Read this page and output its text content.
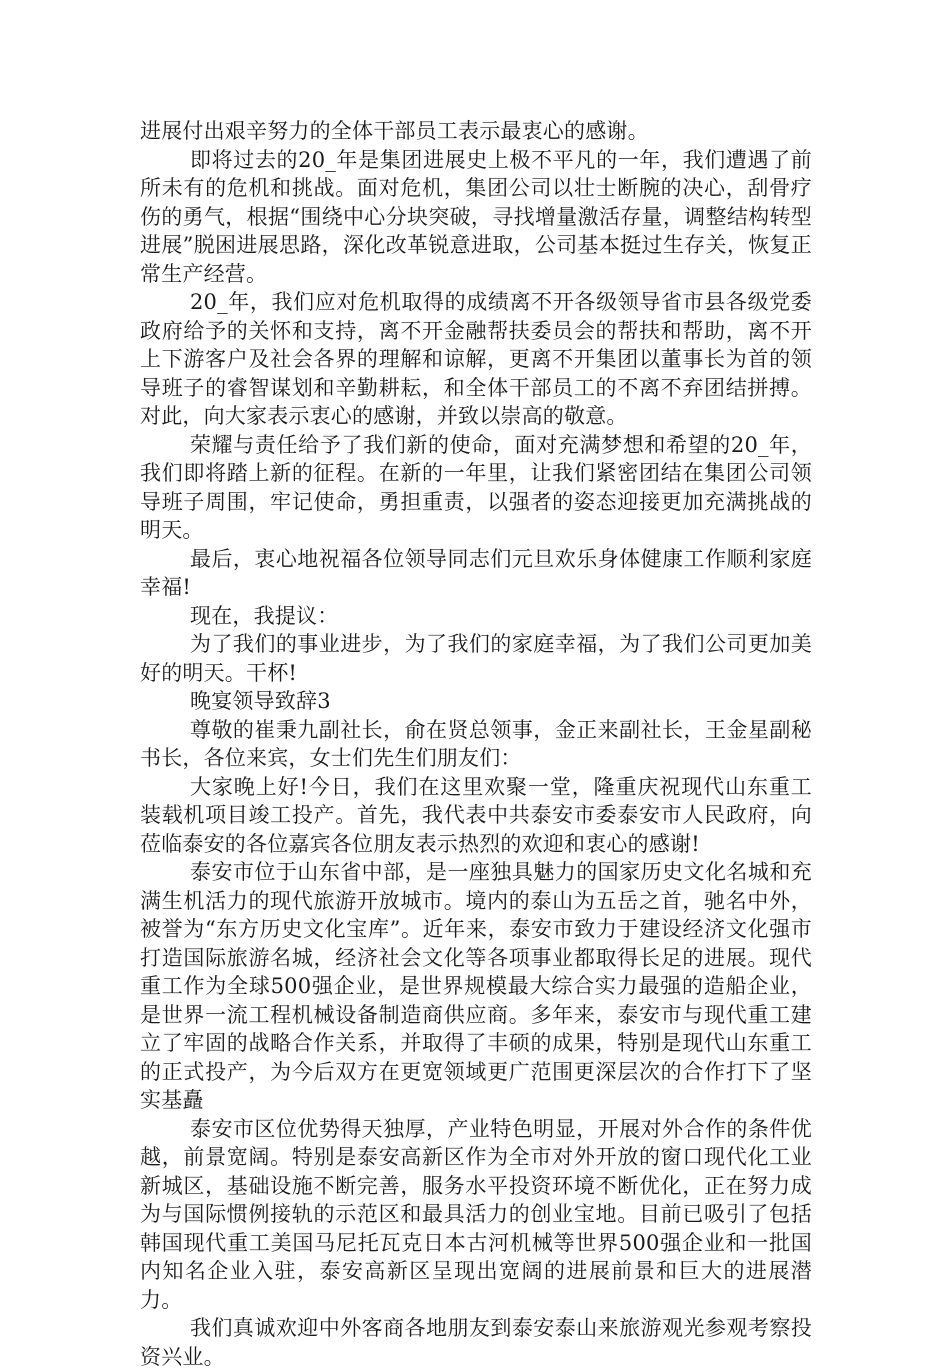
进展付出艰辛努力的全体干部员工表示最衷心的感谢。

即将过去的20_年是集团进展史上极不平凡的一年，我们遭遇了前所未有的危机和挑战。面对危机，集团公司以壮士断腕的决心，刮骨疗伤的勇气，根据“围绕中心分块突破，寻找增量激活存量，调整结构转型进展”脱困进展思路，深化改革锐意进取，公司基本挺过生存关，恢复正常生产经营。

20_年，我们应对危机取得的成绩离不开各级领导省市县各级党委政府给予的关怀和支持，离不开金融帮扶委员会的帮扶和帮助，离不开上下游客户及社会各界的理解和谅解，更离不开集团以董事长为首的领导班子的睿智谋划和辛勤耕耘，和全体干部员工的不离不弃团结拼搏。对此，向大家表示衷心的感谢，并致以崇高的敬意。

荣耀与责任给予了我们新的使命，面对充满梦想和希望的20_年，我们即将踏上新的征程。在新的一年里，让我们紧密团结在集团公司领导班子周围，牢记使命，勇担重责，以强者的姿态迎接更加充满挑战的明天。

最后，衷心地祝福各位领导同志们元旦欢乐身体健康工作顺利家庭幸福!

现在，我提议：

为了我们的事业进步，为了我们的家庭幸福，为了我们公司更加美好的明天。干杯!

晚宴领导致辞3

尊敬的崔秉九副社长，俞在贤总领事，金正来副社长，王金星副秘书长，各位来宾，女士们先生们朋友们：

大家晚上好!今日，我们在这里欢聚一堂，隆重庆祝现代山东重工装载机项目竣工投产。首先，我代表中共泰安市委泰安市人民政府，向莅临泰安的各位嘉宾各位朋友表示热烈的欢迎和衷心的感谢!

泰安市位于山东省中部，是一座独具魅力的国家历史文化名城和充满生机活力的现代旅游开放城市。境内的泰山为五岳之首，驰名中外，被誉为“东方历史文化宝库”。近年来，泰安市致力于建设经济文化强市打造国际旅游名城，经济社会文化等各项事业都取得长足的进展。现代重工作为全球500强企业，是世界规模最大综合实力最强的造船企业，是世界一流工程机械设备制造商供应商。多年来，泰安市与现代重工建立了牢固的战略合作关系，并取得了丰硕的成果，特别是现代山东重工的正式投产，为今后双方在更宽领域更广范围更深层次的合作打下了坚实基矗

泰安市区位优势得天独厚，产业特色明显，开展对外合作的条件优越，前景宽阔。特别是泰安高新区作为全市对外开放的窗口现代化工业新城区，基础设施不断完善，服务水平投资环境不断优化，正在努力成为与国际惯例接轨的示范区和最具活力的创业宝地。目前已吸引了包括韩国现代重工美国马尼托瓦克日本古河机械等世界500强企业和一批国内知名企业入驻，泰安高新区呈现出宽阔的进展前景和巨大的进展潜力。

我们真诚欢迎中外客商各地朋友到泰安泰山来旅游观光参观考察投资兴业。
